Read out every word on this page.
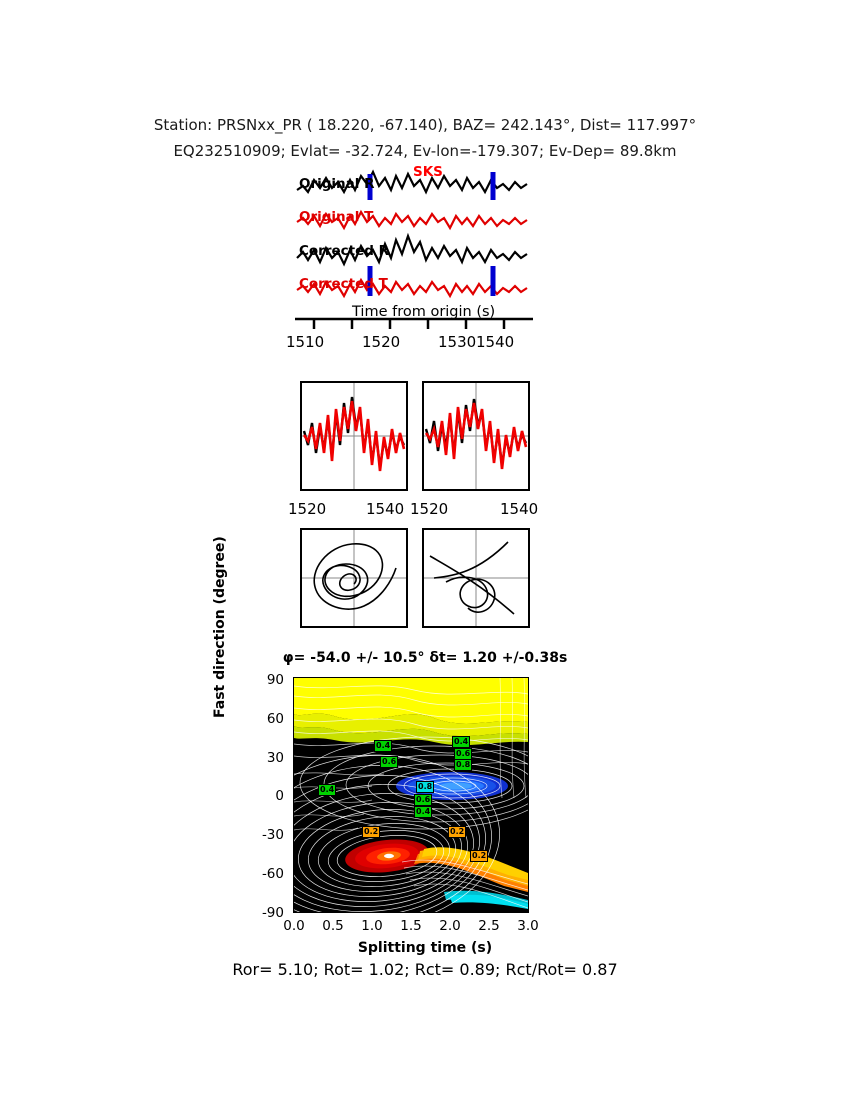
Station: PRSNxx_PR ( 18.220, -67.140), BAZ= 242.143°, Dist= 117.997°
EQ232510909; Evlat= -32.724, Ev-lon=-179.307; Ev-Dep= 89.8km
Original R
Original T
Corrected R
Corrected T
SKS
Time from origin (s)
1510	1520	1530 1540
1520	1540 1520	1540
φ= -54.0 +/- 10.5° δt= 1.20 +/-0.38s
Fast direction (degree)
Splitting time (s)
90
60
30
0
-30
-60
-90
0.0	0.5	1.0	1.5	2.0	2.5	3.0
0.4
0.6
0.4
0.6
0.8
0.8
0.6
0.4
0.4
0.2	0.2
0.2
Ror= 5.10; Rot= 1.02; Rct= 0.89; Rct/Rot= 0.87
